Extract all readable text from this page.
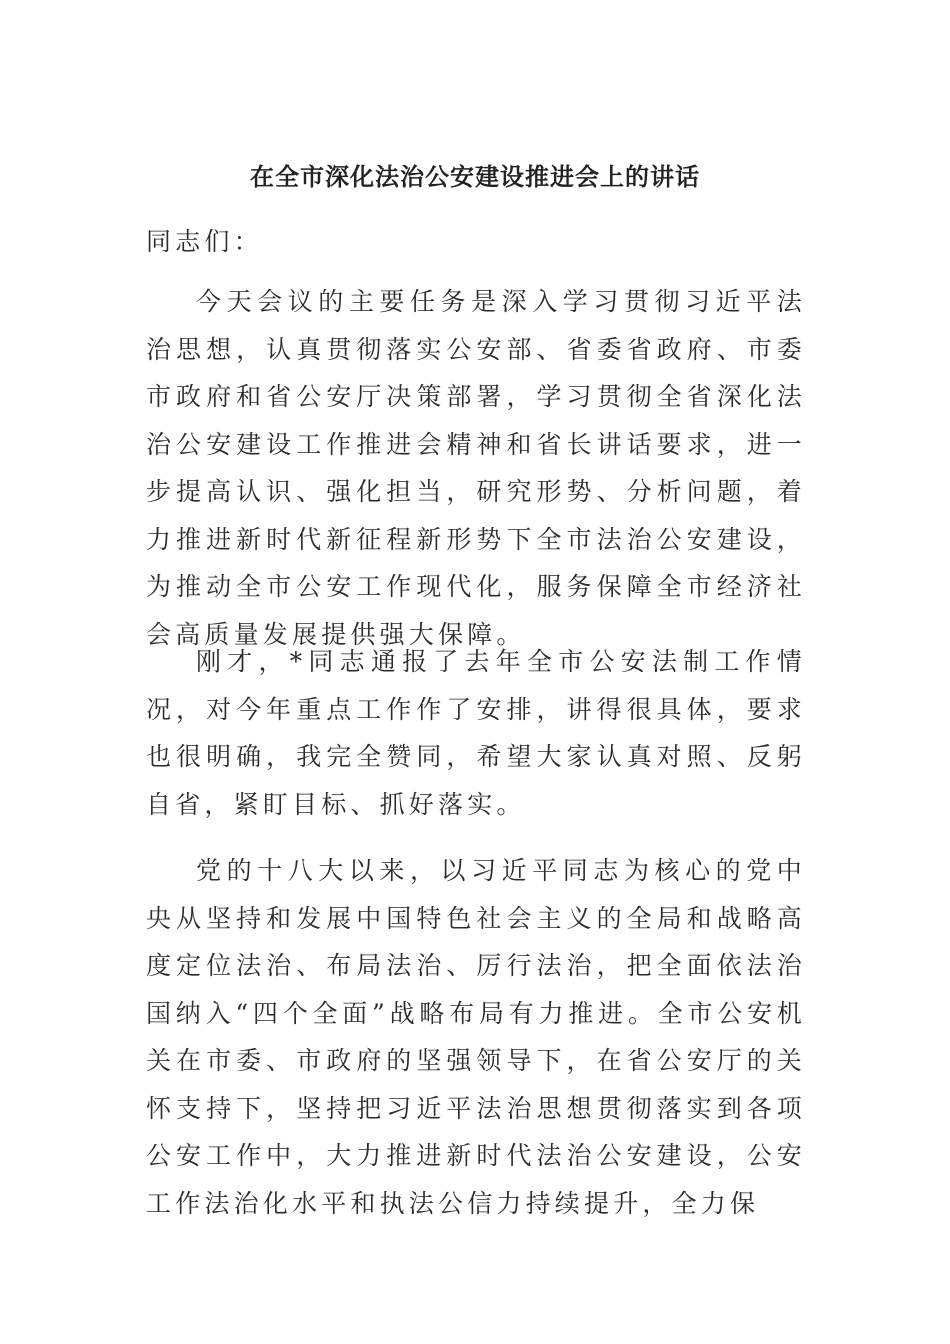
在全市深化法治公安建设推进会上的讲话
同志们：

今天会议的主要任务是深入学习贯彻习近平法治思想，认真贯彻落实公安部、省委省政府、市委市政府和省公安厅决策部署，学习贯彻全省深化法治公安建设工作推进会精神和省长讲话要求，进一步提高认识、强化担当，研究形势、分析问题，着力推进新时代新征程新形势下全市法治公安建设，为推动全市公安工作现代化，服务保障全市经济社会高质量发展提供强大保障。

刚才，*同志通报了去年全市公安法制工作情况，对今年重点工作作了安排，讲得很具体，要求也很明确，我完全赞同，希望大家认真对照、反躬自省，紧盯目标、抓好落实。

党的十八大以来，以习近平同志为核心的党中央从坚持和发展中国特色社会主义的全局和战略高度定位法治、布局法治、厉行法治，把全面依法治国纳入“四个全面”战略布局有力推进。全市公安机关在市委、市政府的坚强领导下，在省公安厅的关怀支持下，坚持把习近平法治思想贯彻落实到各项公安工作中，大力推进新时代法治公安建设，公安工作法治化水平和执法公信力持续提升，全力保
